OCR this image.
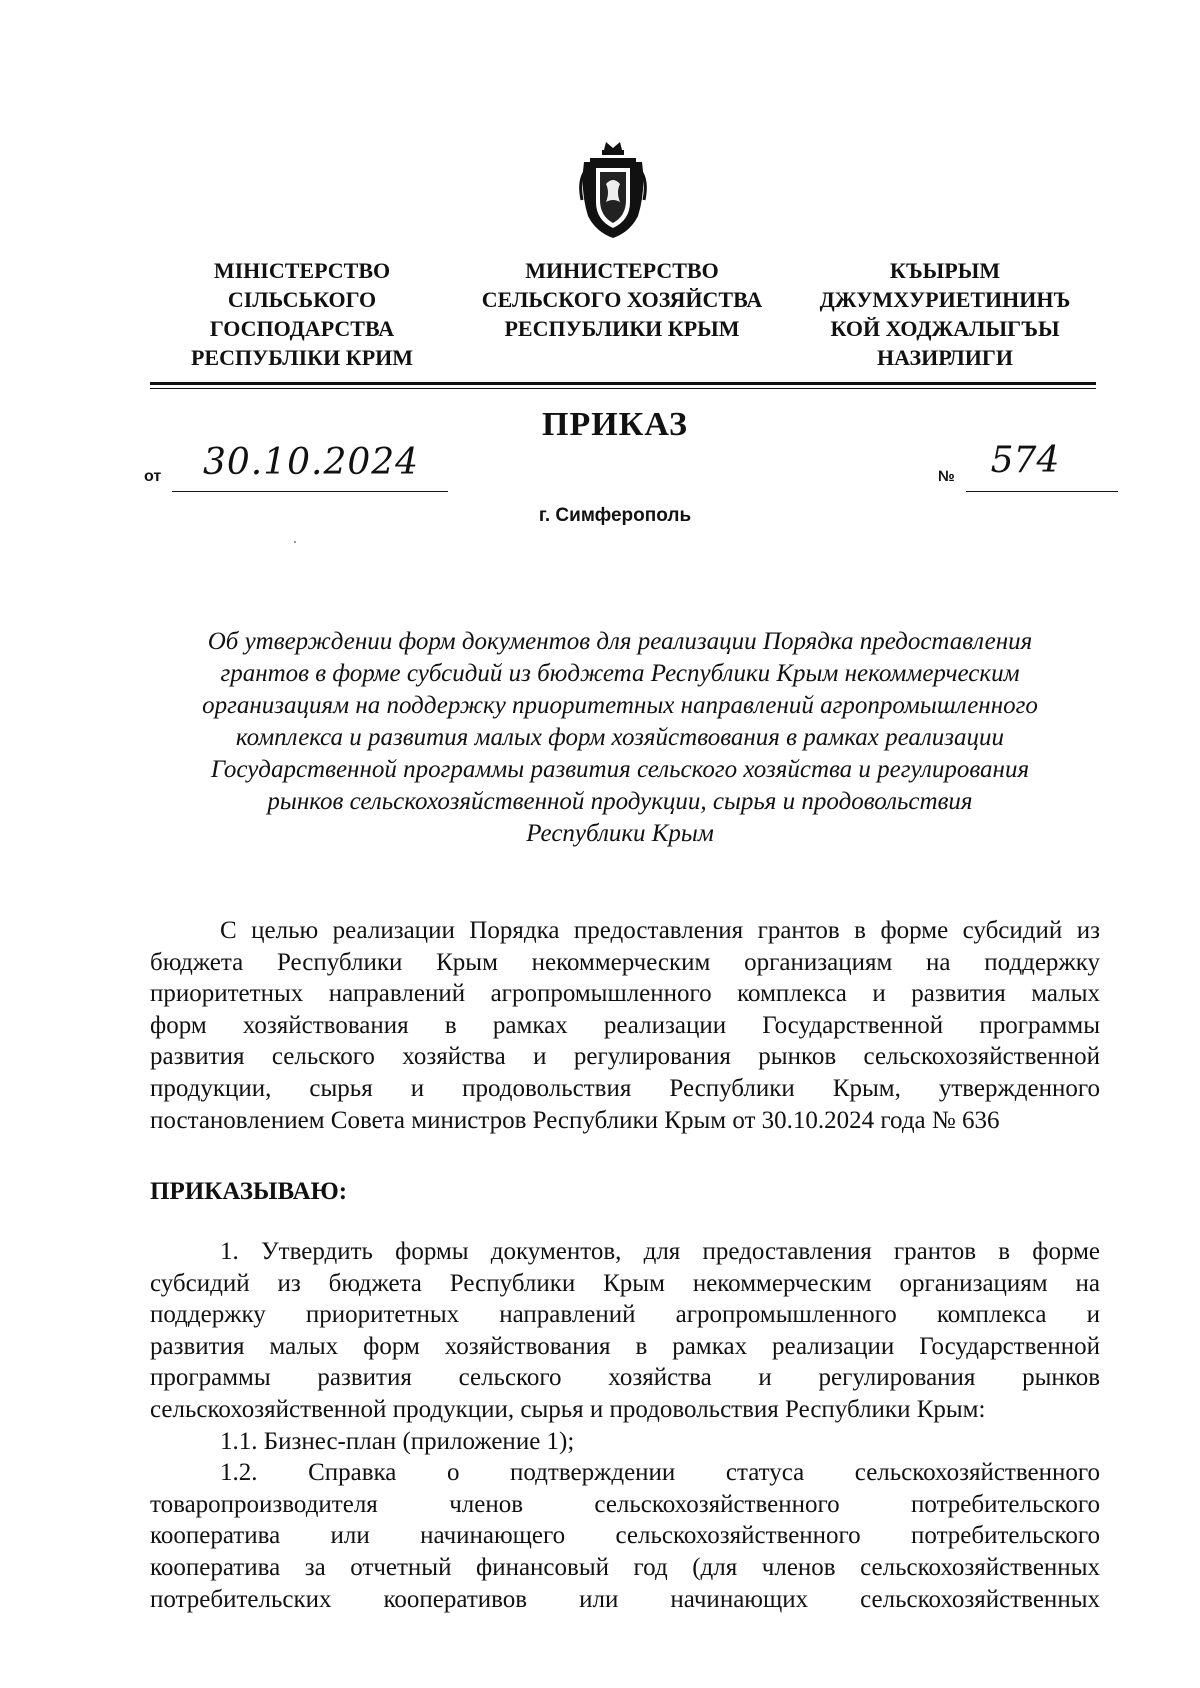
МІНІСТЕРСТВО
СІЛЬСЬКОГО
ГОСПОДАРСТВА
РЕСПУБЛІКИ КРИМ
МИНИСТЕРСТВО
СЕЛЬСКОГО ХОЗЯЙСТВА
РЕСПУБЛИКИ КРЫМ
КЪЫРЫМ
ДЖУМХУРИЕТИНИНЪ
КОЙ ХОДЖАЛЫГЪЫ
НАЗИРЛИГИ
ПРИКАЗ
от	30.10.2024	№ 574
г. Симферополь
Об утверждении форм документов для реализации Порядка предоставления
грантов в форме субсидий из бюджета Республики Крым некоммерческим
организациям на поддержку приоритетных направлений агропромышленного
комплекса и развития малых форм хозяйствования в рамках реализации
Государственной программы развития сельского хозяйства и регулирования
рынков сельскохозяйственной продукции, сырья и продовольствия
Республики Крым
С целью реализации Порядка предоставления грантов в форме субсидий из
бюджета Республики Крым некоммерческим организациям на поддержку
приоритетных направлений агропромышленного комплекса и развития малых
форм хозяйствования в рамках реализации Государственной программы
развития сельского хозяйства и регулирования рынков сельскохозяйственной
продукции, сырья и продовольствия Республики Крым, утвержденного
постановлением Совета министров Республики Крым от 30.10.2024 года № 636
ПРИКАЗЫВАЮ:
1. Утвердить формы документов, для предоставления грантов в форме
субсидий из бюджета Республики Крым некоммерческим организациям на
поддержку приоритетных направлений агропромышленного комплекса и
развития малых форм хозяйствования в рамках реализации Государственной
программы развития сельского хозяйства и регулирования рынков
сельскохозяйственной продукции, сырья и продовольствия Республики Крым:
1.1. Бизнес-план (приложение 1);
1.2. Справка о подтверждении статуса сельскохозяйственного
товаропроизводителя членов сельскохозяйственного потребительского
кооператива или начинающего сельскохозяйственного потребительского
кооператива за отчетный финансовый год (для членов сельскохозяйственных
потребительских кооперативов или начинающих сельскохозяйственных
